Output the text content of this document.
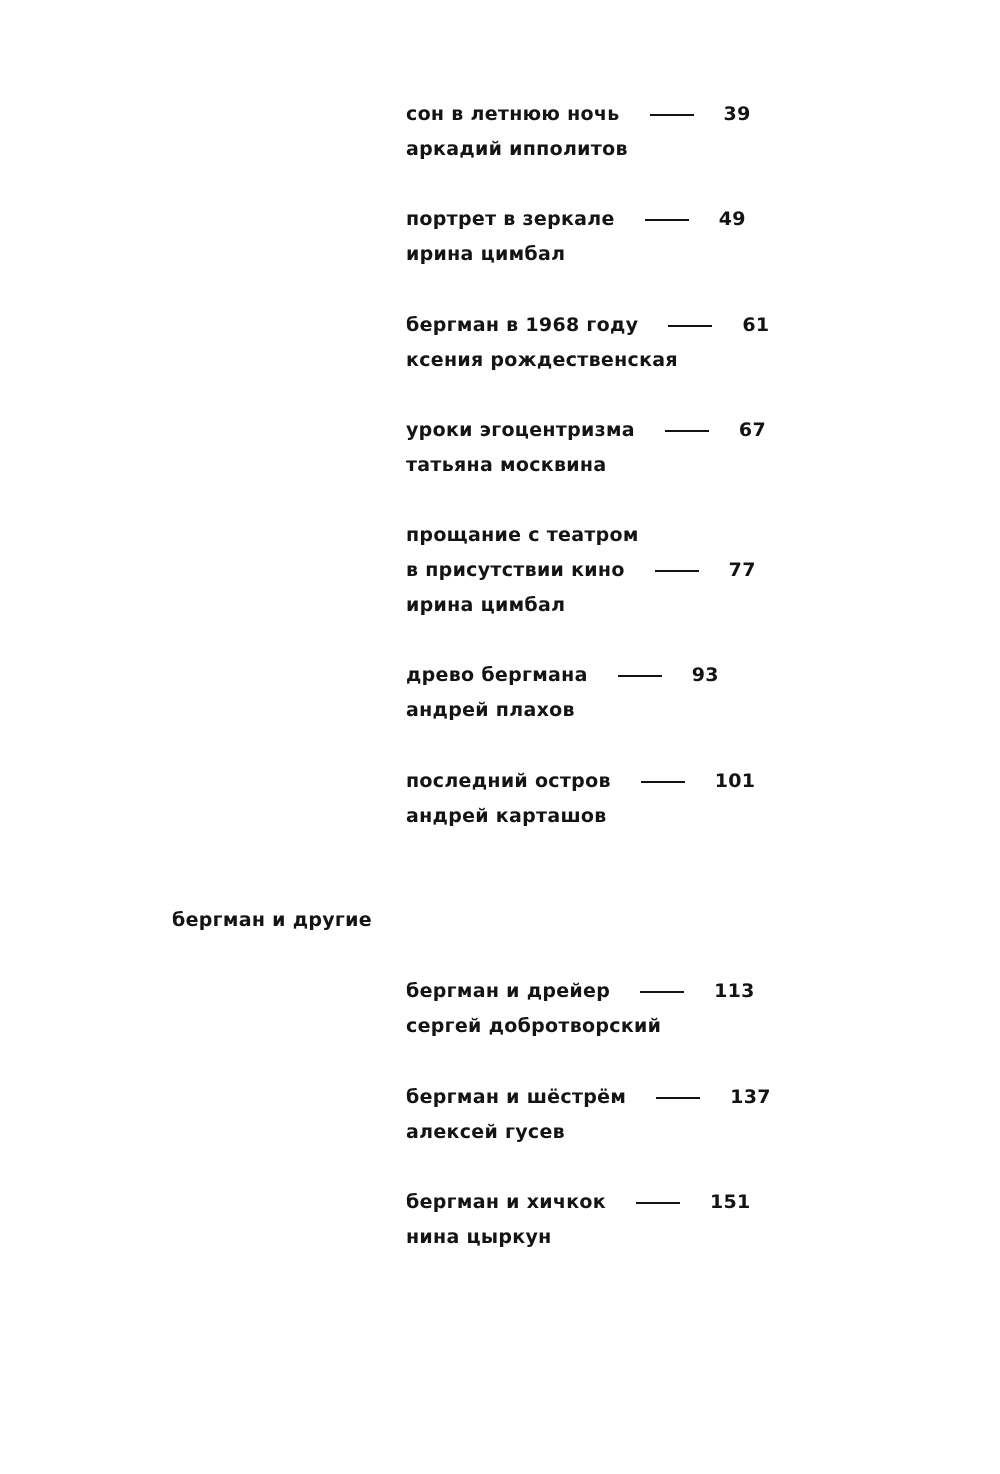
сон в летнюю ночь	39
аркадий ипполитов
портрет в зеркале	49
ирина цимбал
бергман в 1968 году	61
ксения рождественская
уроки эгоцентризма	67
татьяна москвина
прощание с театром
в присутствии кино	77
ирина цимбал
древо бергмана	93
андрей плахов
последний остров	101
андрей карташов
бергман и другие
бергман и дрейер	113
сергей добротворский
бергман и шёстрём	137
алексей гусев
бергман и хичкок	151
нина цыркун
